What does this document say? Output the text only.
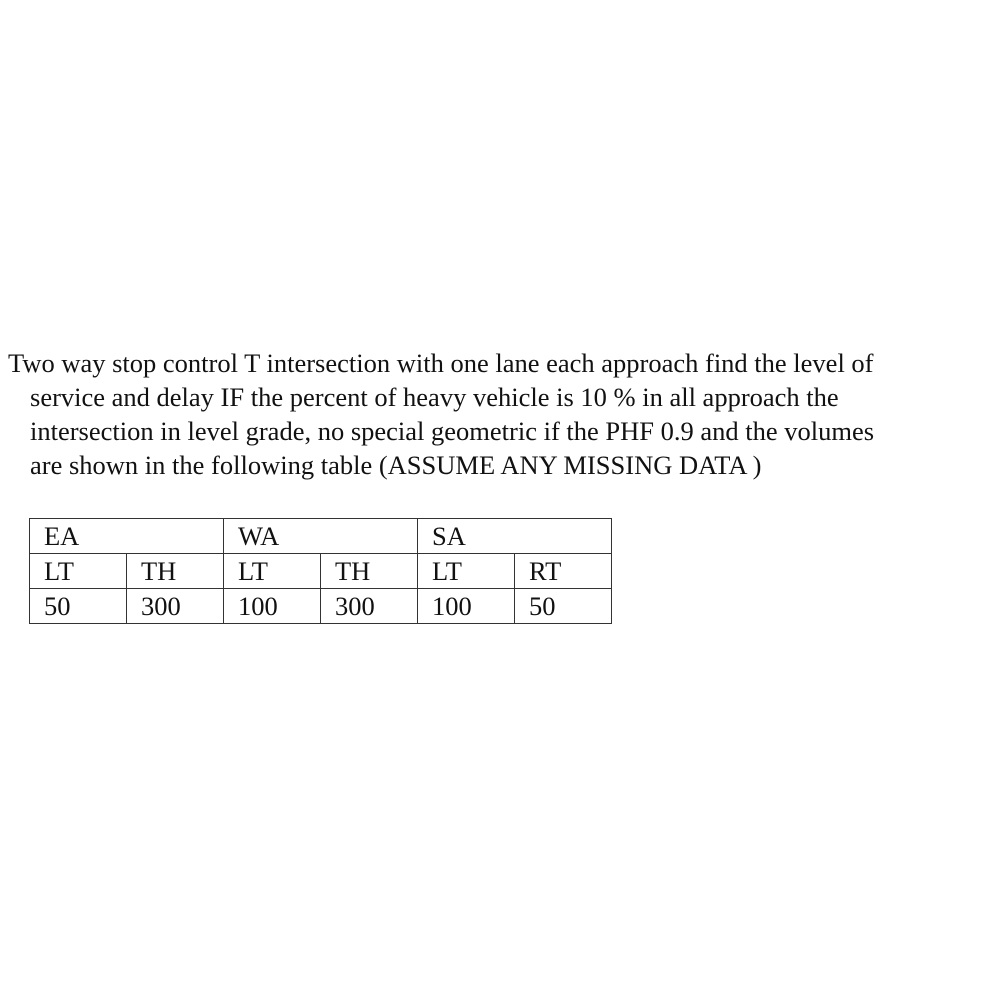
Two way stop control T intersection with one lane each approach find the level of
service and delay IF the percent of heavy vehicle is 10 % in all approach the
intersection in level grade, no special geometric if the PHF 0.9 and the volumes
are shown in the following table (ASSUME ANY MISSING DATA )
EA		WA		SA	
LT	TH	LT	TH	LT	RT
50	300	100	300	100	50
